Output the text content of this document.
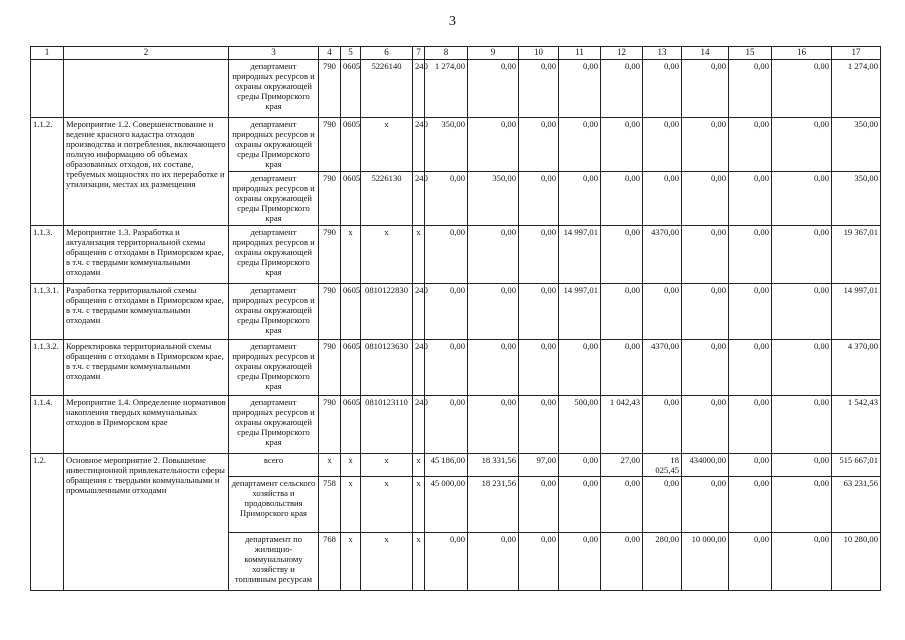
3
1	2	3	4	5	6	7	8	9	10	11	12	13	14	15	16	17
		департамент природных ресурсов и охраны окружающей среды Приморского края	790	0605	5226140	240	1 274,00	0,00	0,00	0,00	0,00	0,00	0,00	0,00	0,00	1 274,00
1.1.2.	Мероприятие 1.2. Совершенствование и ведение красного кадастра отходов производства и потребления, включающего полную информацию об объемах образованных отходов, их составе, требуемых мощностях по их переработке и утилизации, местах их размещения	департамент природных ресурсов и охраны окружающей среды Приморского края	790	0605	x	240	350,00	0,00	0,00	0,00	0,00	0,00	0,00	0,00	0,00	350,00
		департамент природных ресурсов и охраны окружающей среды Приморского края	790	0605	5226130	240	0,00	350,00	0,00	0,00	0,00	0,00	0,00	0,00	0,00	350,00
1.1.3.	Мероприятие 1.3. Разработка и актуализация территориальной схемы обращения с отходами в Приморском крае, в т.ч. с твердыми коммунальными отходами	департамент природных ресурсов и охраны окружающей среды Приморского края	790	x	x	x	0,00	0,00	0,00	14 997,01	0,00	4370,00	0,00	0,00	0,00	19 367,01
1.1.3.1.	Разработка территориальной схемы обращения с отходами в Приморском крае, в т.ч. с твердыми коммунальными отходами	департамент природных ресурсов и охраны окружающей среды Приморского края	790	0605	0810122830	240	0,00	0,00	0,00	14 997,01	0,00	0,00	0,00	0,00	0,00	14 997,01
1.1.3.2.	Корректировка территориальной схемы обращения с отходами в Приморском крае, в т.ч. с твердыми коммунальными отходами	департамент природных ресурсов и охраны окружающей среды Приморского края	790	0605	0810123630	240	0,00	0,00	0,00	0,00	0,00	4370,00	0,00	0,00	0,00	4 370,00
1.1.4.	Мероприятие 1.4. Определение нормативов накопления твердых коммунальных отходов в Приморском крае	департамент природных ресурсов и охраны окружающей среды Приморского края	790	0605	0810123110	240	0,00	0,00	0,00	500,00	1 042,43	0,00	0,00	0,00	0,00	1 542,43
1.2.	Основное мероприятие 2. Повышение инвестиционной привлекательности сферы обращения с твердыми коммунальными и промышленными отходами	всего	x	x	x	x	45 186,00	18 331,56	97,00	0,00	27,00	18 025,45	434000,00	0,00	0,00	515 667,01
		департамент сельского хозяйства и продовольствия Приморского края	758	x	x	x	45 000,00	18 231,56	0,00	0,00	0,00	0,00	0,00	0,00	0,00	63 231,56
		департамент по жилищно-коммунальному хозяйству и топливным ресурсам	768	x	x	x	0,00	0,00	0,00	0,00	0,00	280,00	10 000,00	0,00	0,00	10 280,00
